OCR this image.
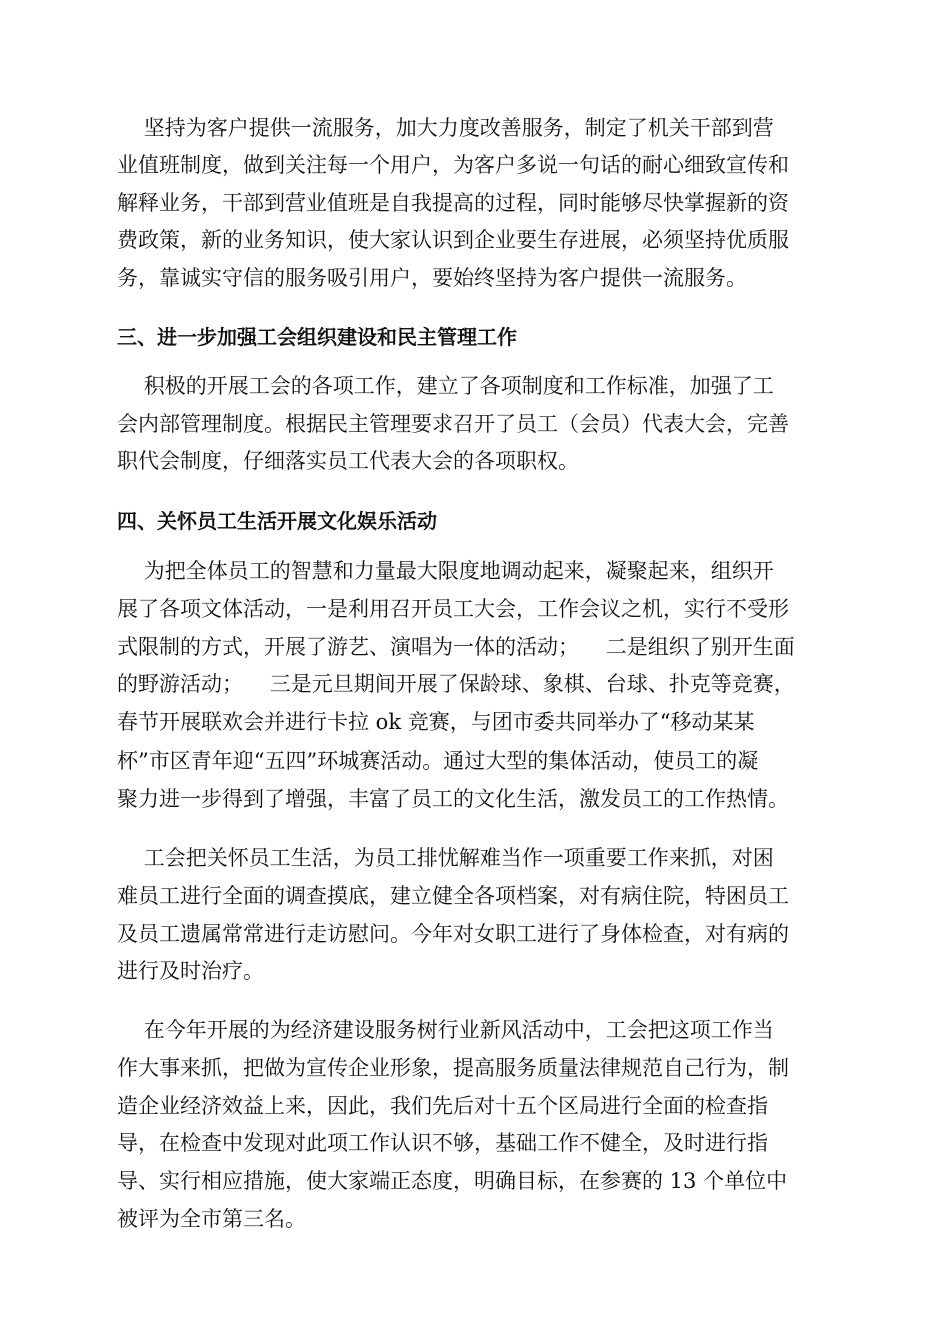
坚持为客户提供一流服务，加大力度改善服务，制定了机关干部到营
业值班制度，做到关注每一个用户，为客户多说一句话的耐心细致宣传和
解释业务，干部到营业值班是自我提高的过程，同时能够尽快掌握新的资
费政策，新的业务知识，使大家认识到企业要生存进展，必须坚持优质服
务，靠诚实守信的服务吸引用户，要始终坚持为客户提供一流服务。
三、进一步加强工会组织建设和民主管理工作
积极的开展工会的各项工作，建立了各项制度和工作标准，加强了工
会内部管理制度。根据民主管理要求召开了员工（会员）代表大会，完善
职代会制度，仔细落实员工代表大会的各项职权。
四、关怀员工生活开展文化娱乐活动
为把全体员工的智慧和力量最大限度地调动起来，凝聚起来，组织开
展了各项文体活动，一是利用召开员工大会，工作会议之机，实行不受形
式限制的方式，开展了游艺、演唱为一体的活动；    二是组织了别开生面
的野游活动；    三是元旦期间开展了保龄球、象棋、台球、扑克等竞赛，
春节开展联欢会并进行卡拉 ok 竞赛，与团市委共同举办了“移动某某
杯”市区青年迎“五四”环城赛活动。通过大型的集体活动，使员工的凝
聚力进一步得到了增强，丰富了员工的文化生活，激发员工的工作热情。
工会把关怀员工生活，为员工排忧解难当作一项重要工作来抓，对困
难员工进行全面的调查摸底，建立健全各项档案，对有病住院，特困员工
及员工遗属常常进行走访慰问。今年对女职工进行了身体检查，对有病的
进行及时治疗。
在今年开展的为经济建设服务树行业新风活动中，工会把这项工作当
作大事来抓，把做为宣传企业形象，提高服务质量法律规范自己行为，制
造企业经济效益上来，因此，我们先后对十五个区局进行全面的检查指
导，在检查中发现对此项工作认识不够，基础工作不健全，及时进行指
导、实行相应措施，使大家端正态度，明确目标，在参赛的 13 个单位中
被评为全市第三名。
